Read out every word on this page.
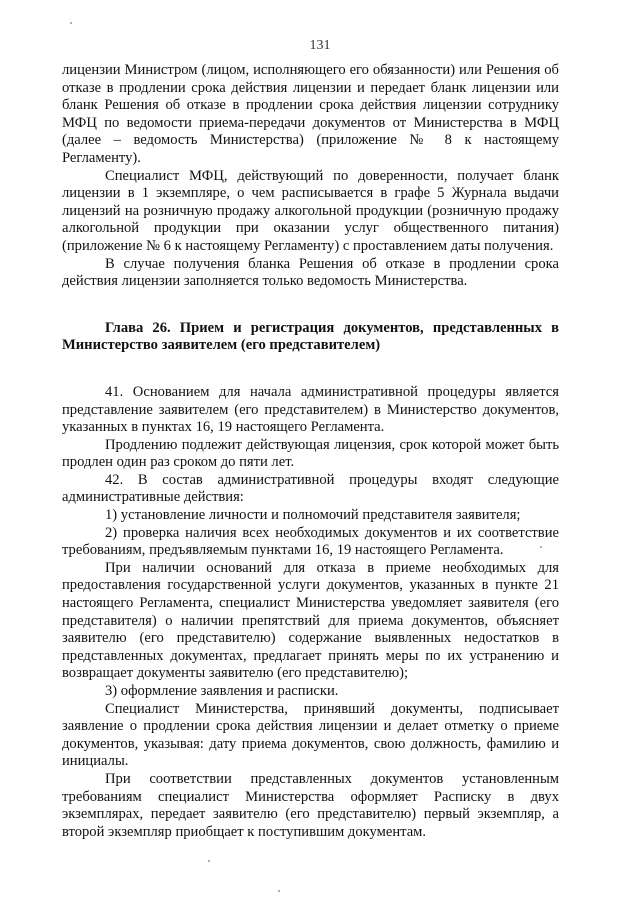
131

лицензии Министром (лицом, исполняющего его обязанности) или Решения об отказе в продлении срока действия лицензии и передает бланк лицензии или бланк Решения об отказе в продлении срока действия лицензии сотруднику МФЦ по ведомости приема-передачи документов от Министерства в МФЦ (далее – ведомость Министерства) (приложение № 8 к настоящему Регламенту).

Специалист МФЦ, действующий по доверенности, получает бланк лицензии в 1 экземпляре, о чем расписывается в графе 5 Журнала выдачи лицензий на розничную продажу алкогольной продукции (розничную продажу алкогольной продукции при оказании услуг общественного питания) (приложение № 6 к настоящему Регламенту) с проставлением даты получения.

В случае получения бланка Решения об отказе в продлении срока действия лицензии заполняется только ведомость Министерства.

Глава 26. Прием и регистрация документов, представленных в Министерство заявителем (его представителем)

41. Основанием для начала административной процедуры является представление заявителем (его представителем) в Министерство документов, указанных в пунктах 16, 19 настоящего Регламента.

Продлению подлежит действующая лицензия, срок которой может быть продлен один раз сроком до пяти лет.

42. В состав административной процедуры входят следующие административные действия:

1) установление личности и полномочий представителя заявителя;

2) проверка наличия всех необходимых документов и их соответствие требованиям, предъявляемым пунктами 16, 19 настоящего Регламента.

При наличии оснований для отказа в приеме необходимых для предоставления государственной услуги документов, указанных в пункте 21 настоящего Регламента, специалист Министерства уведомляет заявителя (его представителя) о наличии препятствий для приема документов, объясняет заявителю (его представителю) содержание выявленных недостатков в представленных документах, предлагает принять меры по их устранению и возвращает документы заявителю (его представителю);

3) оформление заявления и расписки.

Специалист Министерства, принявший документы, подписывает заявление о продлении срока действия лицензии и делает отметку о приеме документов, указывая: дату приема документов, свою должность, фамилию и инициалы.

При соответствии представленных документов установленным требованиям специалист Министерства оформляет Расписку в двух экземплярах, передает заявителю (его представителю) первый экземпляр, а второй экземпляр приобщает к поступившим документам.
